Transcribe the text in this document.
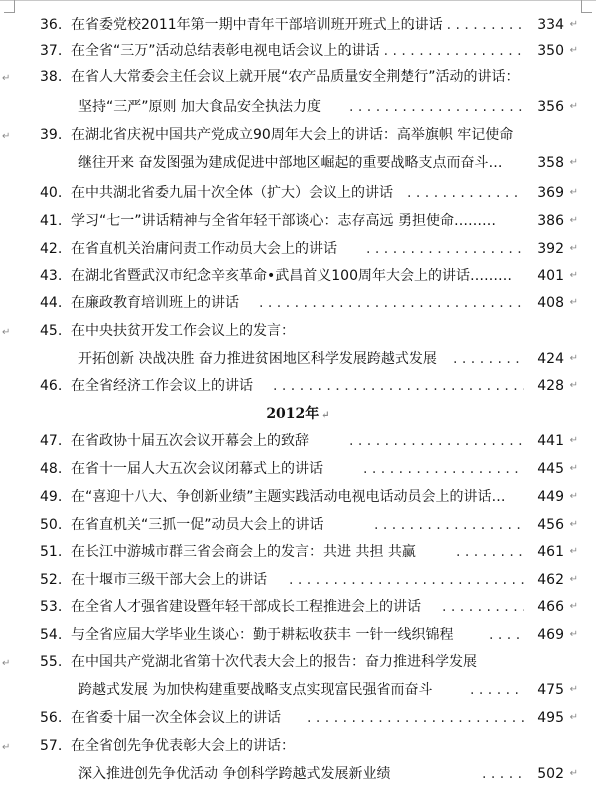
36. 在省委党校2011年第一期中青年干部培训班开班式上的讲话 . . .	334 ↵
37. 在全省“三万”活动总结表彰电视电话会议上的讲话 . . .	350 ↵
38. 在省人大常委会主任会议上就开展“农产品质量安全荆楚行”活动的讲话：
↵
坚持“三严”原则 加大食品安全执法力度 . . .	356 ↵
39. 在湖北省庆祝中国共产党成立90周年大会上的讲话：高举旗帜 牢记使命
↵
继往开来 奋发图强为建成促进中部地区崛起的重要战略支点而奋斗…	358 ↵
40. 在中共湖北省委九届十次全体（扩大）会议上的讲话 . . .	369 ↵
41. 学习“七一”讲话精神与全省年轻干部谈心：志存高远 勇担使命………	386 ↵
42. 在省直机关治庸问责工作动员大会上的讲话 . . .	392 ↵
43. 在湖北省暨武汉市纪念辛亥革命•武昌首义100周年大会上的讲话………	401 ↵
44. 在廉政教育培训班上的讲话 . . .	408 ↵
45. 在中央扶贫开发工作会议上的发言：
↵
开拓创新 决战决胜 奋力推进贫困地区科学发展跨越式发展 . . .	424 ↵
46. 在全省经济工作会议上的讲话 . . .	428 ↵
2012年 ↵
47. 在省政协十届五次会议开幕会上的致辞 . . .	441 ↵
48. 在省十一届人大五次会议闭幕式上的讲话 . . .	445 ↵
49. 在“喜迎十八大、争创新业绩”主题实践活动电视电话动员会上的讲话…	449 ↵
50. 在省直机关“三抓一促”动员大会上的讲话 . . .	456 ↵
51. 在长江中游城市群三省会商会上的发言：共进 共担 共赢 . . .	461 ↵
52. 在十堰市三级干部大会上的讲话 . . .	462 ↵
53. 在全省人才强省建设暨年轻干部成长工程推进会上的讲话 . . .	466 ↵
54. 与全省应届大学毕业生谈心：勤于耕耘收获丰 一针一线织锦程 . . .	469 ↵
55. 在中国共产党湖北省第十次代表大会上的报告：奋力推进科学发展
↵
跨越式发展 为加快构建重要战略支点实现富民强省而奋斗 . . .	475 ↵
56. 在省委十届一次全体会议上的讲话 . . .	495 ↵
57. 在全省创先争优表彰大会上的讲话：
↵
深入推进创先争优活动 争创科学跨越式发展新业绩 . . .	502 ↵
